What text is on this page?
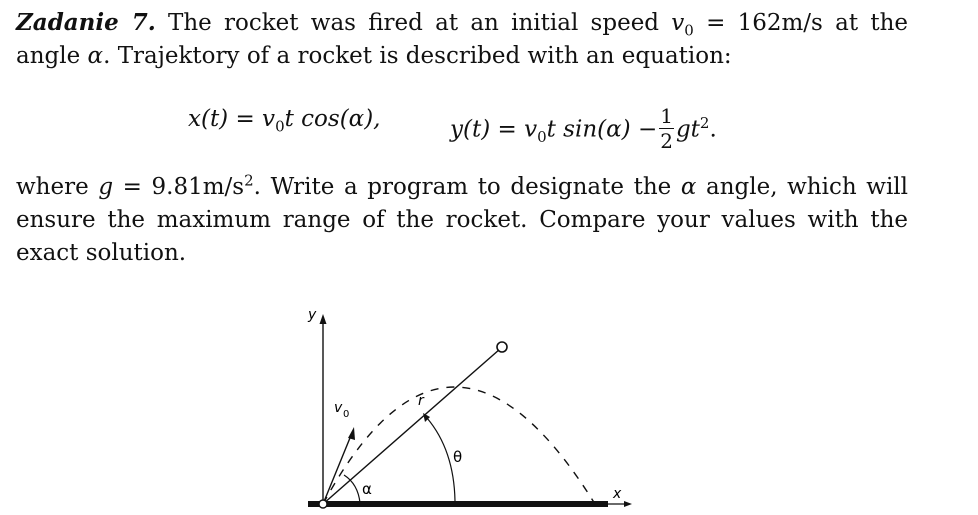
Zadanie 7. The rocket was fired at an initial speed $v_0 = 162m/s$ at the angle α. Trajektory of a rocket is described with an equation:
$x(t) = v_0t$ cos(α),	$y(t) = v_0t$ $\sin(\alpha) - \frac{1}{2} gt^2$.
where $g = 9.81m/s^2$. Write a program to designate the α angle, which will ensure the maximum range of the rocket. Compare your values with the exact solution.
y
x
v 0
r
θ
α
